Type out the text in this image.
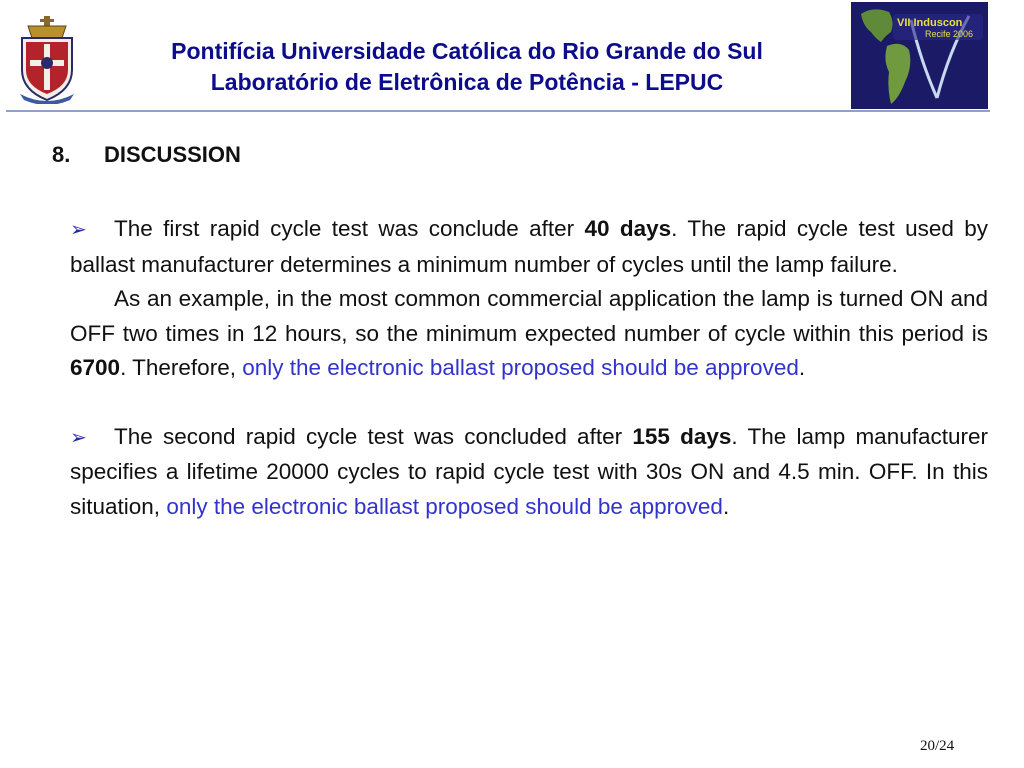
Pontifícia Universidade Católica do Rio Grande do Sul
Laboratório de Eletrônica de Potência - LEPUC
VII Induscon
Recife 2006
8. DISCUSSION

➢ The first rapid cycle test was conclude after 40 days. The rapid cycle test used by ballast manufacturer determines a minimum number of cycles until the lamp failure.

As an example, in the most common commercial application the lamp is turned ON and OFF two times in 12 hours, so the minimum expected number of cycle within this period is 6700. Therefore, only the electronic ballast proposed should be approved.

➢ The second rapid cycle test was concluded after 155 days. The lamp manufacturer specifies a lifetime 20000 cycles to rapid cycle test with 30s ON and 4.5 min. OFF. In this situation, only the electronic ballast proposed should be approved.

20/24
